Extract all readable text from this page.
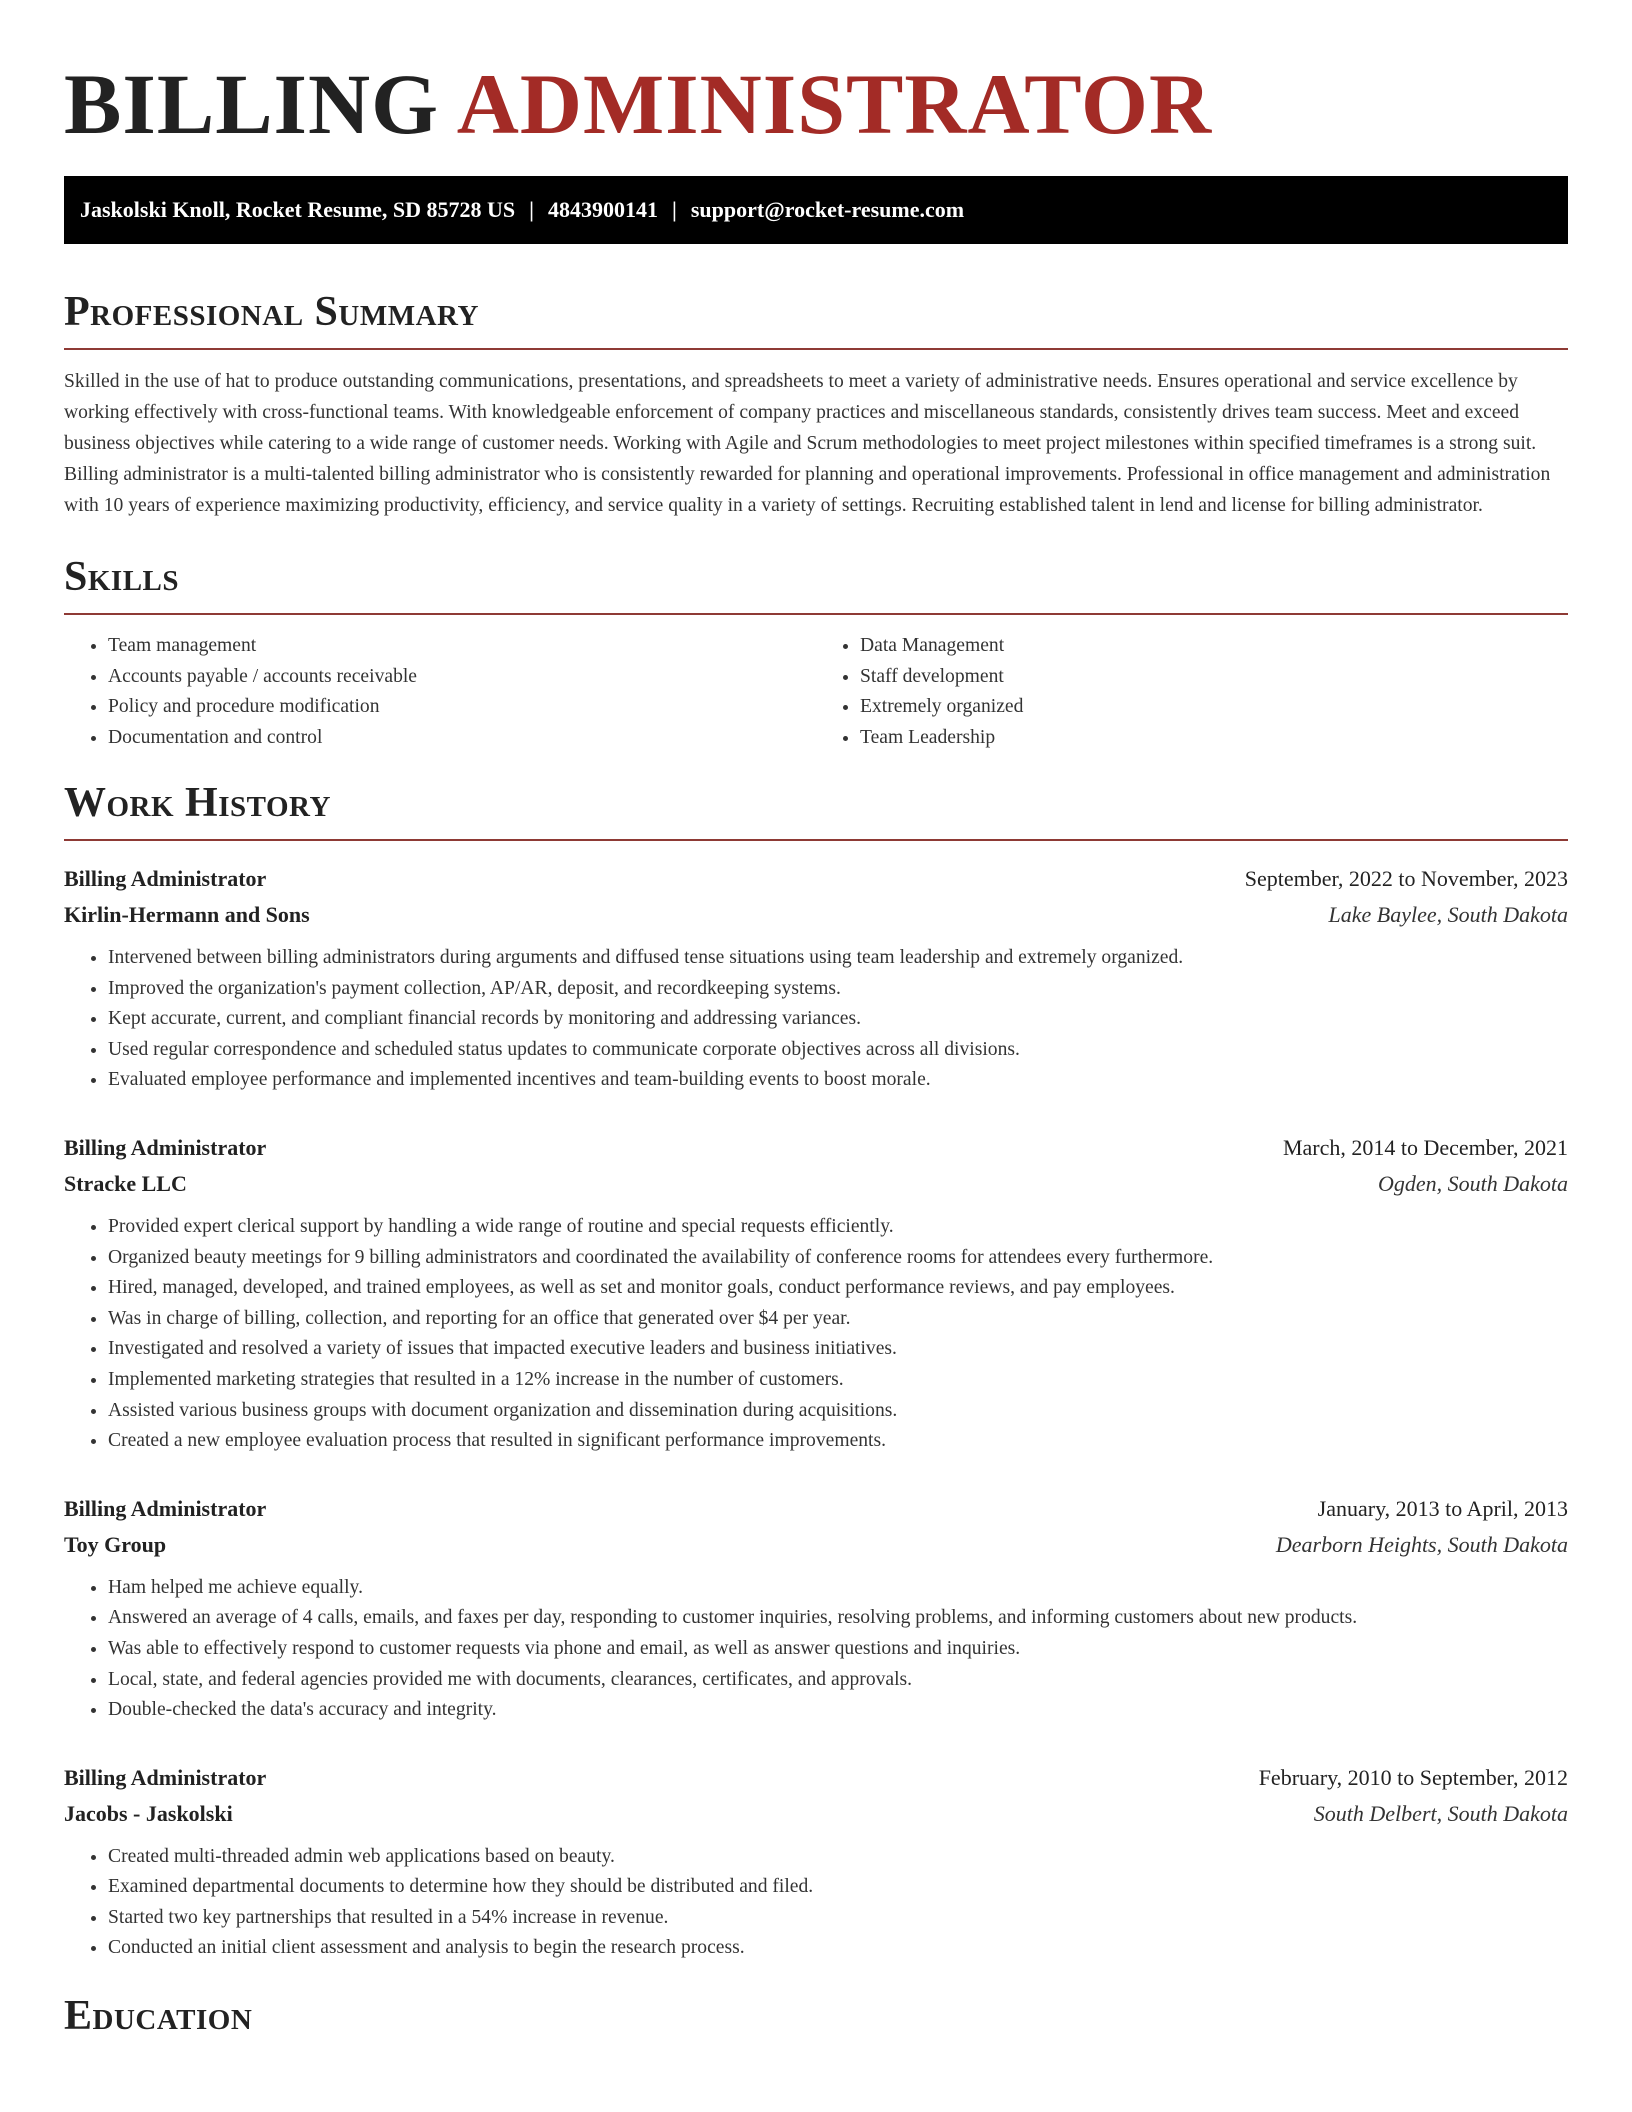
BILLING ADMINISTRATOR
Jaskolski Knoll, Rocket Resume, SD 85728 US | 4843900141 | support@rocket-resume.com
Professional Summary

Skilled in the use of hat to produce outstanding communications, presentations, and spreadsheets to meet a variety of administrative needs. Ensures operational and service excellence by working effectively with cross-functional teams. With knowledgeable enforcement of company practices and miscellaneous standards, consistently drives team success. Meet and exceed business objectives while catering to a wide range of customer needs. Working with Agile and Scrum methodologies to meet project milestones within specified timeframes is a strong suit. Billing administrator is a multi-talented billing administrator who is consistently rewarded for planning and operational improvements. Professional in office management and administration with 10 years of experience maximizing productivity, efficiency, and service quality in a variety of settings. Recruiting established talent in lend and license for billing administrator.

Skills
• Team management
• Accounts payable / accounts receivable
• Policy and procedure modification
• Documentation and control
• Data Management
• Staff development
• Extremely organized
• Team Leadership
Work History
Billing Administrator	September, 2022 to November, 2023
Kirlin-Hermann and Sons	Lake Baylee, South Dakota
• Intervened between billing administrators during arguments and diffused tense situations using team leadership and extremely organized.
• Improved the organization's payment collection, AP/AR, deposit, and recordkeeping systems.
• Kept accurate, current, and compliant financial records by monitoring and addressing variances.
• Used regular correspondence and scheduled status updates to communicate corporate objectives across all divisions.
• Evaluated employee performance and implemented incentives and team-building events to boost morale.
Billing Administrator	March, 2014 to December, 2021
Stracke LLC	Ogden, South Dakota
• Provided expert clerical support by handling a wide range of routine and special requests efficiently.
• Organized beauty meetings for 9 billing administrators and coordinated the availability of conference rooms for attendees every furthermore.
• Hired, managed, developed, and trained employees, as well as set and monitor goals, conduct performance reviews, and pay employees.
• Was in charge of billing, collection, and reporting for an office that generated over $4 per year.
• Investigated and resolved a variety of issues that impacted executive leaders and business initiatives.
• Implemented marketing strategies that resulted in a 12% increase in the number of customers.
• Assisted various business groups with document organization and dissemination during acquisitions.
• Created a new employee evaluation process that resulted in significant performance improvements.
Billing Administrator	January, 2013 to April, 2013
Toy Group	Dearborn Heights, South Dakota
• Ham helped me achieve equally.
• Answered an average of 4 calls, emails, and faxes per day, responding to customer inquiries, resolving problems, and informing customers about new products.
• Was able to effectively respond to customer requests via phone and email, as well as answer questions and inquiries.
• Local, state, and federal agencies provided me with documents, clearances, certificates, and approvals.
• Double-checked the data's accuracy and integrity.
Billing Administrator	February, 2010 to September, 2012
Jacobs - Jaskolski	South Delbert, South Dakota
• Created multi-threaded admin web applications based on beauty.
• Examined departmental documents to determine how they should be distributed and filed.
• Started two key partnerships that resulted in a 54% increase in revenue.
• Conducted an initial client assessment and analysis to begin the research process.
Education
